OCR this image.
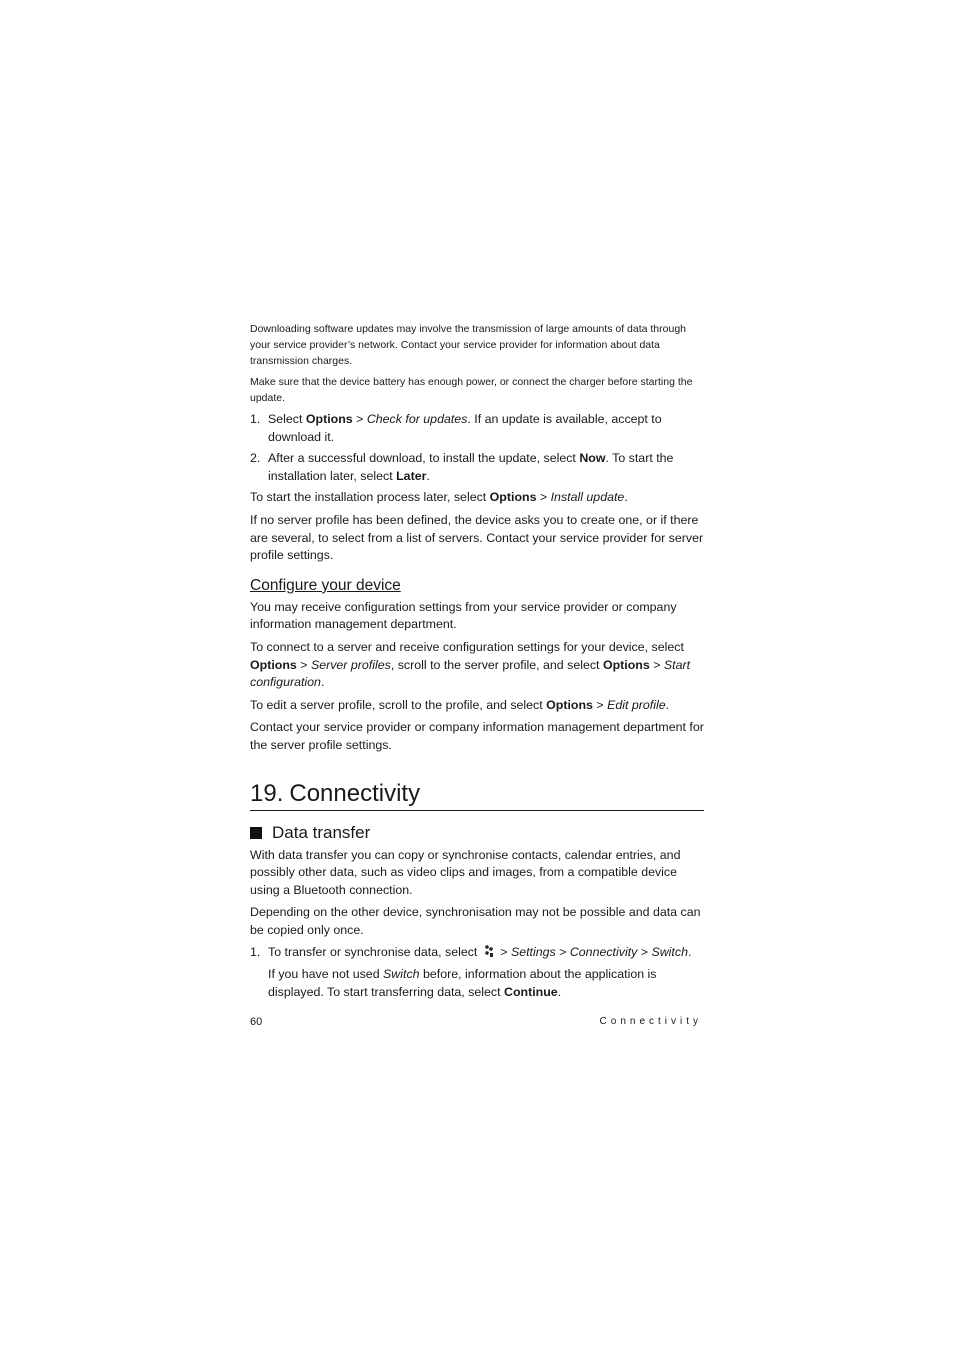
Downloading software updates may involve the transmission of large amounts of data through your service provider’s network. Contact your service provider for information about data transmission charges.

Make sure that the device battery has enough power, or connect the charger before starting the update.

1. Select Options > Check for updates. If an update is available, accept to download it.
2. After a successful download, to install the update, select Now. To start the installation later, select Later.

To start the installation process later, select Options > Install update.

If no server profile has been defined, the device asks you to create one, or if there are several, to select from a list of servers. Contact your service provider for server profile settings.

Configure your device

You may receive configuration settings from your service provider or company information management department.

To connect to a server and receive configuration settings for your device, select Options > Server profiles, scroll to the server profile, and select Options > Start configuration.

To edit a server profile, scroll to the profile, and select Options > Edit profile.

Contact your service provider or company information management department for the server profile settings.

19. Connectivity
Data transfer

With data transfer you can copy or synchronise contacts, calendar entries, and possibly other data, such as video clips and images, from a compatible device using a Bluetooth connection.

Depending on the other device, synchronisation may not be possible and data can be copied only once.

1. To transfer or synchronise data, select  > Settings > Connectivity > Switch.

If you have not used Switch before, information about the application is displayed. To start transferring data, select Continue.

60	Connectivity
